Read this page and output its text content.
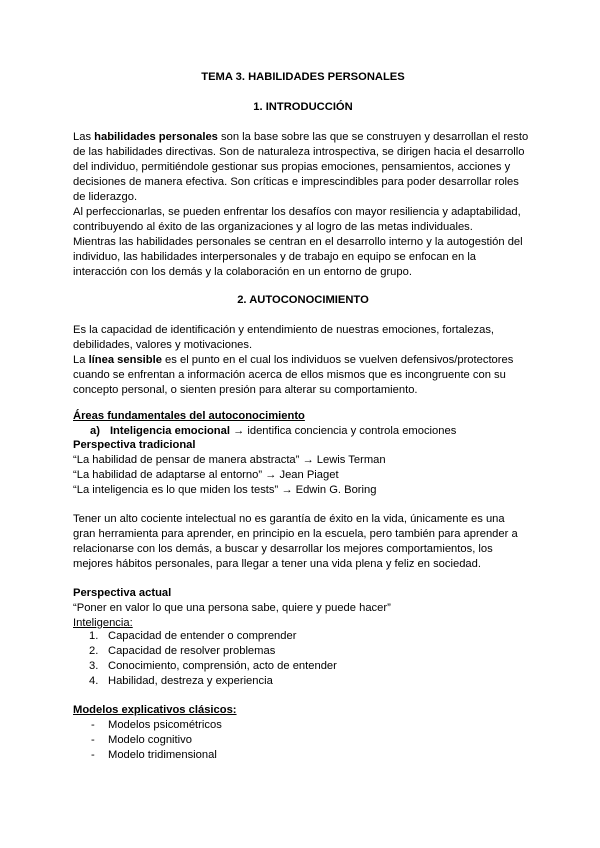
TEMA 3. HABILIDADES PERSONALES
1. INTRODUCCIÓN
Las habilidades personales son la base sobre las que se construyen y desarrollan el resto
de las habilidades directivas. Son de naturaleza introspectiva, se dirigen hacia el desarrollo
del individuo, permitiéndole gestionar sus propias emociones, pensamientos, acciones y
decisiones de manera efectiva. Son críticas e imprescindibles para poder desarrollar roles
de liderazgo.
Al perfeccionarlas, se pueden enfrentar los desafíos con mayor resiliencia y adaptabilidad,
contribuyendo al éxito de las organizaciones y al logro de las metas individuales.
Mientras las habilidades personales se centran en el desarrollo interno y la autogestión del
individuo, las habilidades interpersonales y de trabajo en equipo se enfocan en la
interacción con los demás y la colaboración en un entorno de grupo.
2. AUTOCONOCIMIENTO
Es la capacidad de identificación y entendimiento de nuestras emociones, fortalezas,
debilidades, valores y motivaciones.
La línea sensible es el punto en el cual los individuos se vuelven defensivos/protectores
cuando se enfrentan a información acerca de ellos mismos que es incongruente con su
concepto personal, o sienten presión para alterar su comportamiento.
Áreas fundamentales del autoconocimiento
a) Inteligencia emocional → identifica conciencia y controla emociones
Perspectiva tradicional
“La habilidad de pensar de manera abstracta” → Lewis Terman
“La habilidad de adaptarse al entorno” → Jean Piaget
“La inteligencia es lo que miden los tests” → Edwin G. Boring
Tener un alto cociente intelectual no es garantía de éxito en la vida, únicamente es una
gran herramienta para aprender, en principio en la escuela, pero también para aprender a
relacionarse con los demás, a buscar y desarrollar los mejores comportamientos, los
mejores hábitos personales, para llegar a tener una vida plena y feliz en sociedad.
Perspectiva actual
“Poner en valor lo que una persona sabe, quiere y puede hacer”
Inteligencia:
1. Capacidad de entender o comprender
2. Capacidad de resolver problemas
3. Conocimiento, comprensión, acto de entender
4. Habilidad, destreza y experiencia
Modelos explicativos clásicos:
- Modelos psicométricos
- Modelo cognitivo
- Modelo tridimensional
